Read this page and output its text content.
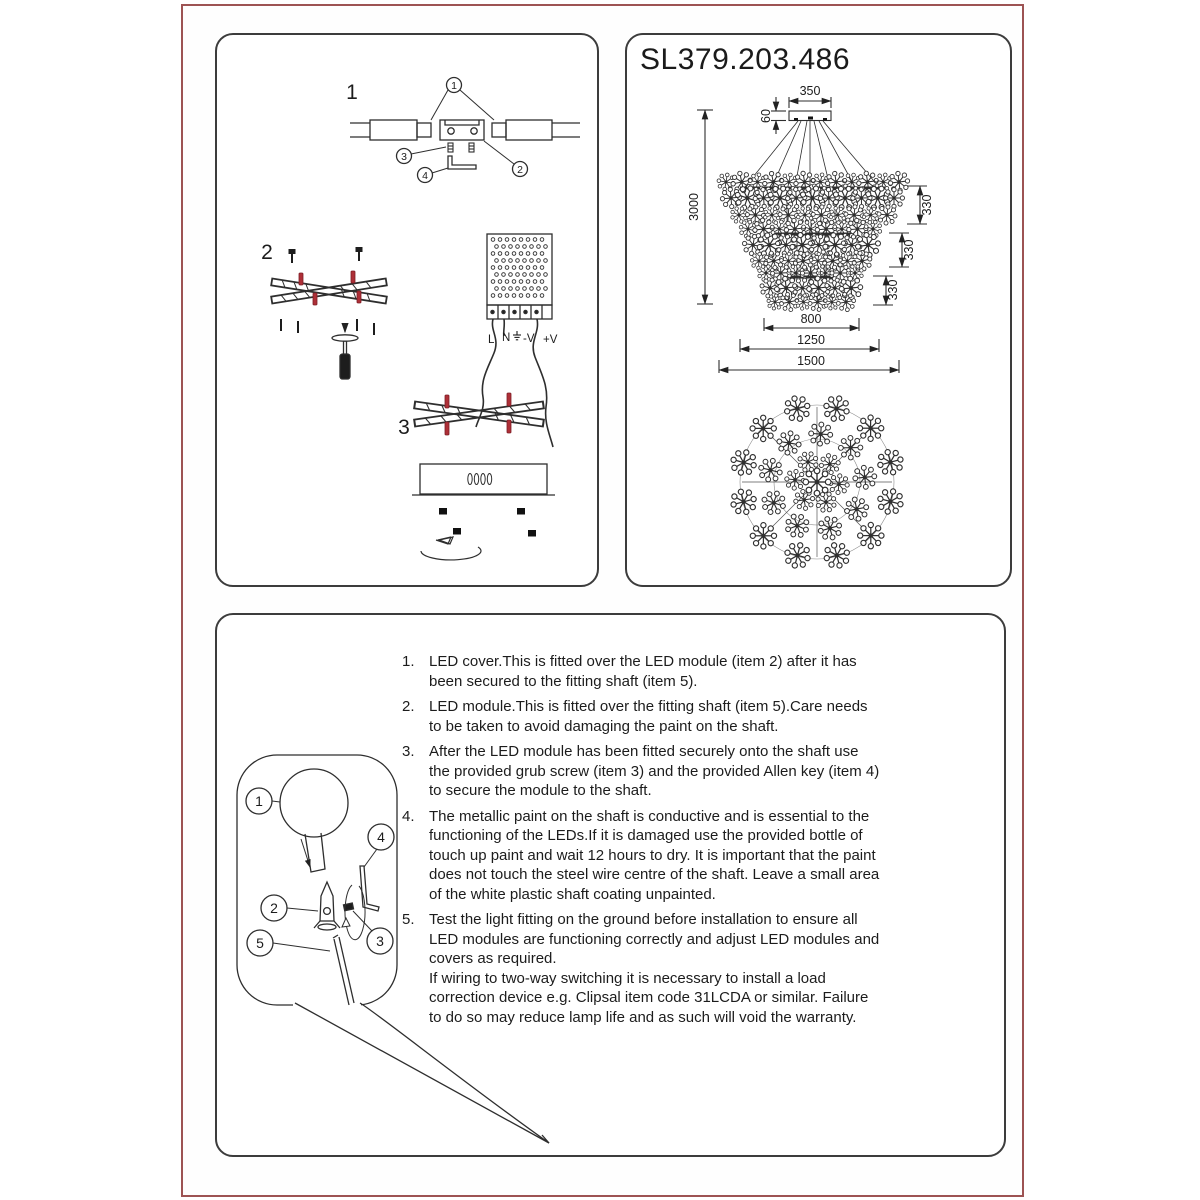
1	1
3
4	2
2
L N -V +V
3
SL379.203.486
350
60
3000	330
330
330
800
1250
1500
1
2
4
3
5
1. LED cover.This is fitted over the LED module (item 2) after it has been secured to the fitting shaft (item 5).
2. LED module.This is fitted over the fitting shaft (item 5).Care needs to be taken to avoid damaging the paint on the shaft.
3. After the LED module has been fitted securely onto the shaft use the provided grub screw (item 3) and the provided Allen key (item 4) to secure the module to the shaft.
4. The metallic paint on the shaft is conductive and is essential to the functioning of the LEDs.If it is damaged use the provided bottle of touch up paint and wait 12 hours to dry. It is important that the paint does not touch the steel wire centre of the shaft. Leave a small area of the white plastic shaft coating unpainted.
5. Test the light fitting on the ground before installation to ensure all LED modules are functioning correctly and adjust LED modules and covers as required.
If wiring to two-way switching it is necessary to install a load correction device e.g. Clipsal item code 31LCDA or similar. Failure to do so may reduce lamp life and as such will void the warranty.
